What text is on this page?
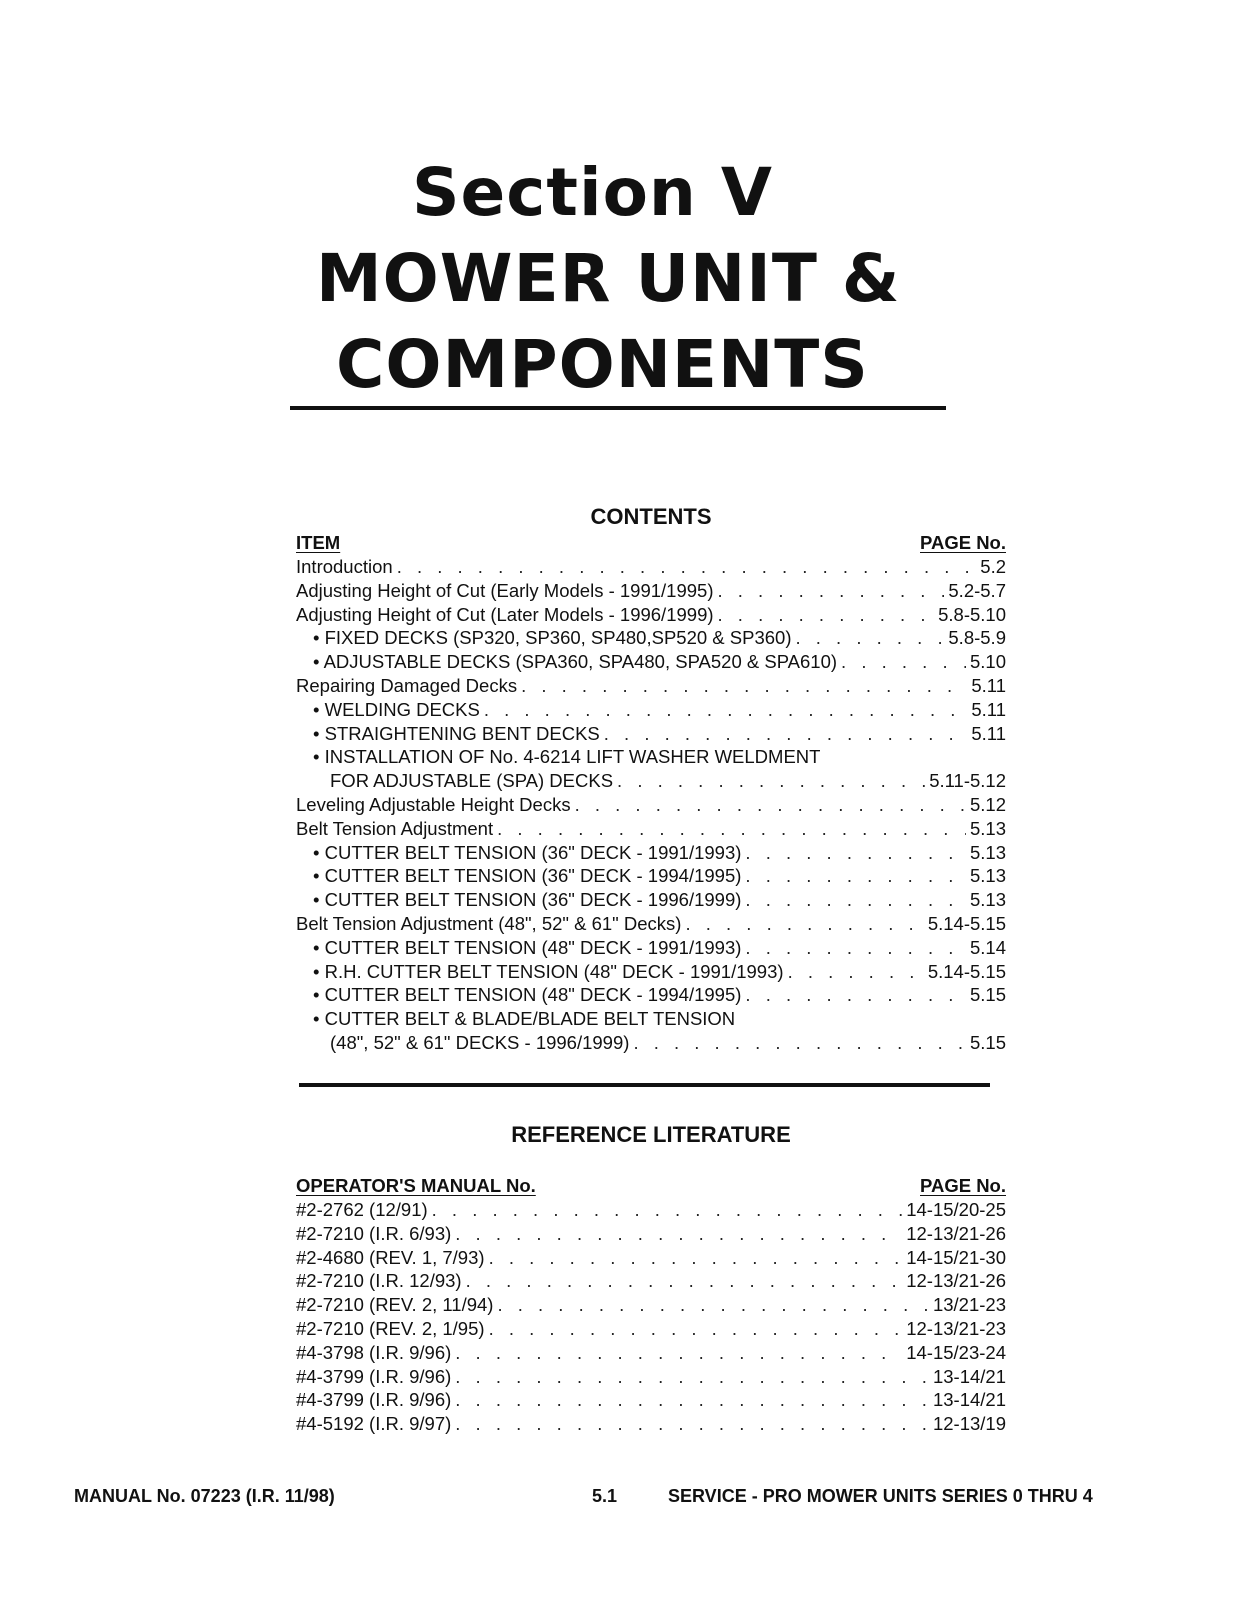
Section V
MOWER UNIT &
COMPONENTS
CONTENTS
ITEM	PAGE No.
Introduction . . .	5.2
Adjusting Height of Cut (Early Models - 1991/1995) . . .	5.2-5.7
Adjusting Height of Cut (Later Models - 1996/1999) . . .	5.8-5.10
• FIXED DECKS (SP320, SP360, SP480,SP520 & SP360) . . .	5.8-5.9
• ADJUSTABLE DECKS (SPA360, SPA480, SPA520 & SPA610) . . .	5.10
Repairing Damaged Decks . . .	5.11
• WELDING DECKS . . .	5.11
• STRAIGHTENING BENT DECKS . . .	5.11
• INSTALLATION OF No. 4-6214 LIFT WASHER WELDMENT
FOR ADJUSTABLE (SPA) DECKS . . .	5.11-5.12
Leveling Adjustable Height Decks . . .	5.12
Belt Tension Adjustment . . .	5.13
• CUTTER BELT TENSION (36" DECK - 1991/1993) . . .	5.13
• CUTTER BELT TENSION (36" DECK - 1994/1995) . . .	5.13
• CUTTER BELT TENSION (36" DECK - 1996/1999) . . .	5.13
Belt Tension Adjustment (48", 52" & 61" Decks) . . .	5.14-5.15
• CUTTER BELT TENSION (48" DECK - 1991/1993) . . .	5.14
• R.H. CUTTER BELT TENSION (48" DECK - 1991/1993) . . .	5.14-5.15
• CUTTER BELT TENSION (48" DECK - 1994/1995) . . .	5.15
• CUTTER BELT & BLADE/BLADE BELT TENSION
(48", 52" & 61" DECKS - 1996/1999) . . .	5.15
REFERENCE LITERATURE
OPERATOR'S MANUAL No.	PAGE No.
#2-2762 (12/91) . . .	14-15/20-25
#2-7210 (I.R. 6/93) . . .	12-13/21-26
#2-4680 (REV. 1, 7/93) . . .	14-15/21-30
#2-7210 (I.R. 12/93) . . .	12-13/21-26
#2-7210 (REV. 2, 11/94) . . .	13/21-23
#2-7210 (REV. 2, 1/95) . . .	12-13/21-23
#4-3798 (I.R. 9/96) . . .	14-15/23-24
#4-3799 (I.R. 9/96) . . .	13-14/21
#4-3799 (I.R. 9/96) . . .	13-14/21
#4-5192 (I.R. 9/97) . . .	12-13/19
MANUAL No. 07223 (I.R. 11/98)	5.1	SERVICE - PRO MOWER UNITS SERIES 0 THRU 4
